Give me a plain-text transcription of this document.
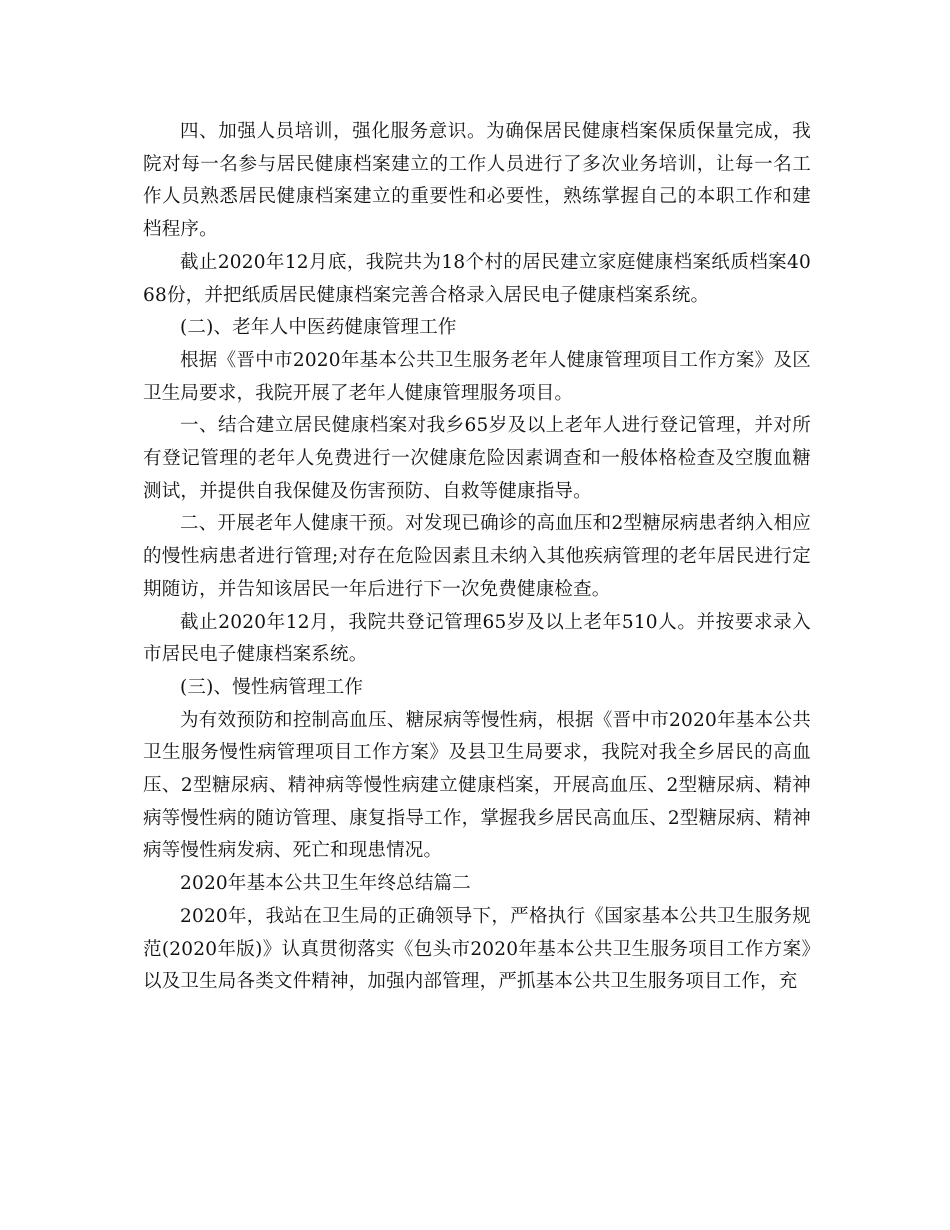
四、加强人员培训，强化服务意识。为确保居民健康档案保质保量完成，我院对每一名参与居民健康档案建立的工作人员进行了多次业务培训，让每一名工作人员熟悉居民健康档案建立的重要性和必要性，熟练掌握自己的本职工作和建档程序。

截止2020年12月底，我院共为18个村的居民建立家庭健康档案纸质档案4068份，并把纸质居民健康档案完善合格录入居民电子健康档案系统。

(二)、老年人中医药健康管理工作

根据《晋中市2020年基本公共卫生服务老年人健康管理项目工作方案》及区卫生局要求，我院开展了老年人健康管理服务项目。

一、结合建立居民健康档案对我乡65岁及以上老年人进行登记管理，并对所有登记管理的老年人免费进行一次健康危险因素调查和一般体格检查及空腹血糖测试，并提供自我保健及伤害预防、自救等健康指导。

二、开展老年人健康干预。对发现已确诊的高血压和2型糖尿病患者纳入相应的慢性病患者进行管理;对存在危险因素且未纳入其他疾病管理的老年居民进行定期随访，并告知该居民一年后进行下一次免费健康检查。

截止2020年12月，我院共登记管理65岁及以上老年510人。并按要求录入市居民电子健康档案系统。

(三)、慢性病管理工作

为有效预防和控制高血压、糖尿病等慢性病，根据《晋中市2020年基本公共卫生服务慢性病管理项目工作方案》及县卫生局要求，我院对我全乡居民的高血压、2型糖尿病、精神病等慢性病建立健康档案，开展高血压、2型糖尿病、精神病等慢性病的随访管理、康复指导工作，掌握我乡居民高血压、2型糖尿病、精神病等慢性病发病、死亡和现患情况。

2020年基本公共卫生年终总结篇二

2020年，我站在卫生局的正确领导下，严格执行《国家基本公共卫生服务规范(2020年版)》认真贯彻落实《包头市2020年基本公共卫生服务项目工作方案》以及卫生局各类文件精神，加强内部管理，严抓基本公共卫生服务项目工作，充
